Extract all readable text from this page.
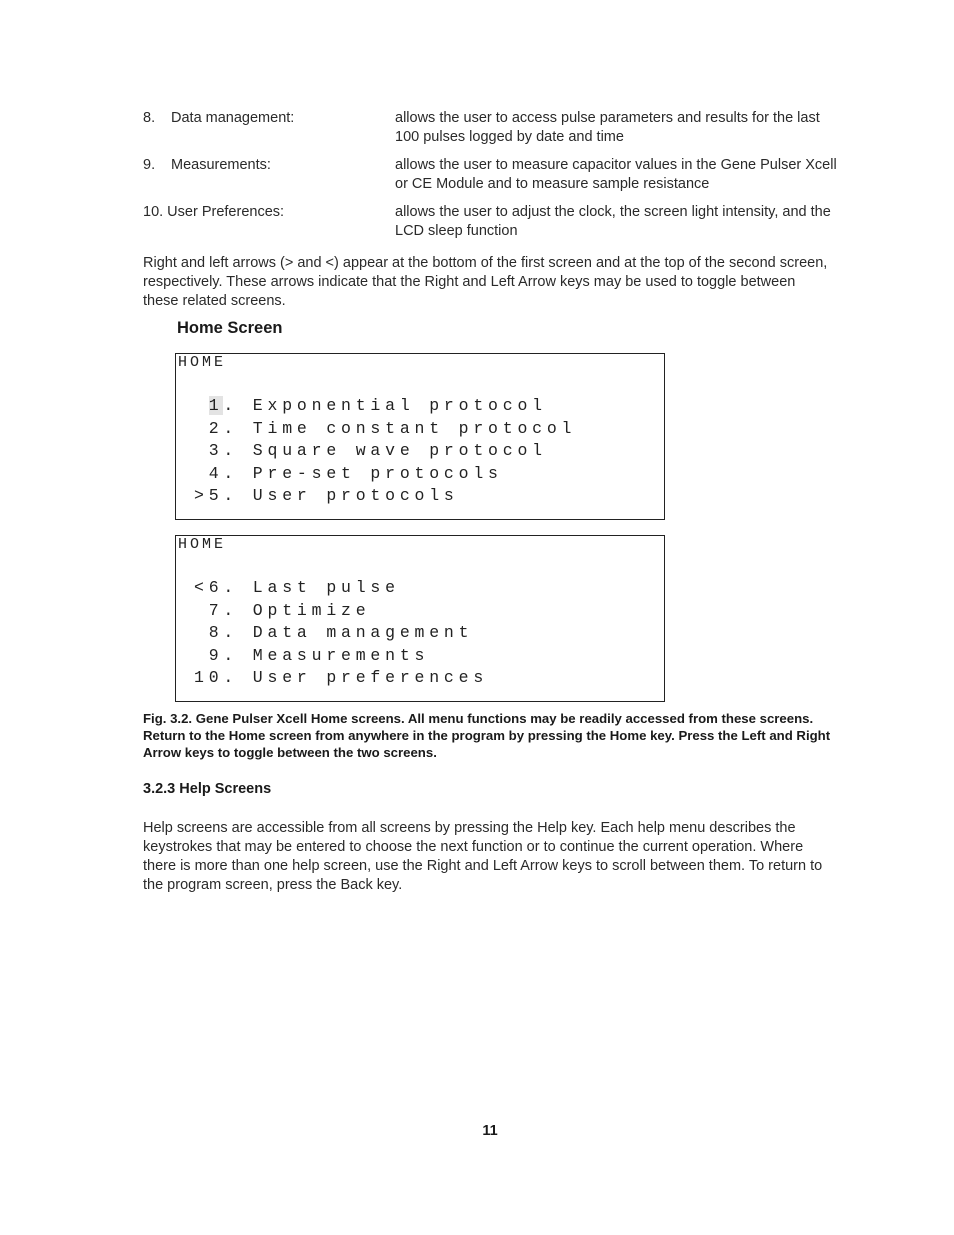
8.	Data management:	allows the user to access pulse parameters and results for the last 100 pulses logged by date and time
9.	Measurements:	allows the user to measure capacitor values in the Gene Pulser Xcell or CE Module and to measure sample resistance
10. User Preferences:	allows the user to adjust the clock, the screen light intensity, and the LCD sleep function
Right and left arrows (> and <) appear at the bottom of the first screen and at the top of the second screen, respectively. These arrows indicate that the Right and Left Arrow keys may be used to toggle between these related screens.
Home Screen
HOME
1. Exponential protocol
2. Time constant protocol
3. Square wave protocol
4. Pre-set protocols
>5. User protocols
HOME
<6. Last pulse
7. Optimize
8. Data management
9. Measurements
10. User preferences
Fig. 3.2. Gene Pulser Xcell Home screens. All menu functions may be readily accessed from these screens. Return to the Home screen from anywhere in the program by pressing the Home key. Press the Left and Right Arrow keys to toggle between the two screens.
3.2.3 Help Screens
Help screens are accessible from all screens by pressing the Help key. Each help menu describes the keystrokes that may be entered to choose the next function or to continue the current operation. Where there is more than one help screen, use the Right and Left Arrow keys to scroll between them. To return to the program screen, press the Back key.
11
